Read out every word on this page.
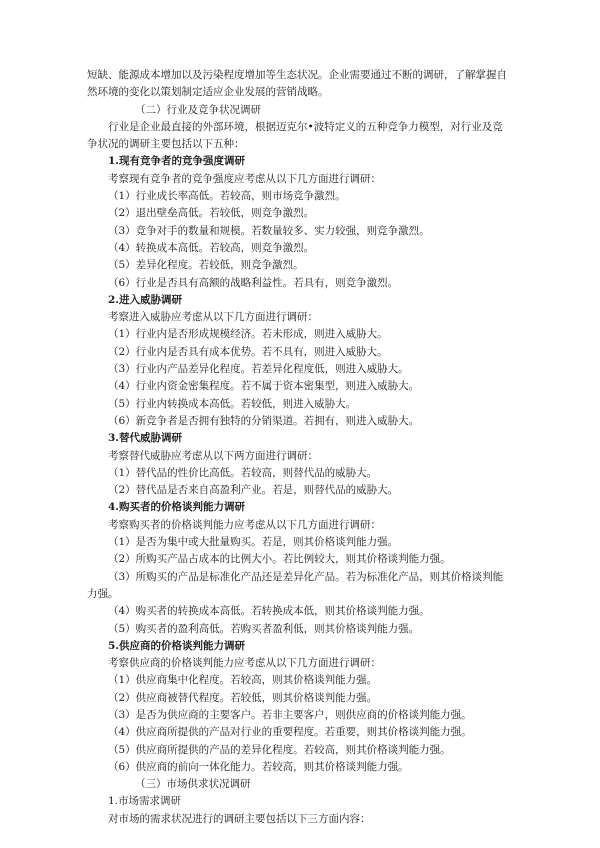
短缺、能源成本增加以及污染程度增加等生态状况。企业需要通过不断的调研，了解掌握自

然环境的变化以策划制定适应企业发展的营销战略。

（二）行业及竞争状况调研

行业是企业最直接的外部环境，根据迈克尔•波特定义的五种竞争力模型，对行业及竞

争状况的调研主要包括以下五种：

1.现有竞争者的竞争强度调研

考察现有竞争者的竞争强度应考虑从以下几方面进行调研：

（1）行业成长率高低。若较高，则市场竞争激烈。

（2）退出壁垒高低。若较低，则竞争激烈。

（3）竞争对手的数量和规模。若数量较多、实力较强，则竞争激烈。

（4）转换成本高低。若较高，则竞争激烈。

（5）差异化程度。若较低，则竞争激烈。

（6）行业是否具有高额的战略利益性。若具有，则竞争激烈。

2.进入威胁调研

考察进入威胁应考虑从以下几方面进行调研：

（1）行业内是否形成规模经济。若未形成，则进入威胁大。

（2）行业内是否具有成本优势。若不具有，则进入威胁大。

（3）行业内产品差异化程度。若差异化程度低，则进入威胁大。

（4）行业内资金密集程度。若不属于资本密集型，则进入威胁大。

（5）行业内转换成本高低。若较低，则进入威胁大。

（6）新竞争者是否拥有独特的分销渠道。若拥有，则进入威胁大。

3.替代威胁调研

考察替代威胁应考虑从以下两方面进行调研：

（1）替代品的性价比高低。若较高，则替代品的威胁大。

（2）替代品是否来自高盈利产业。若是，则替代品的威胁大。

4.购买者的价格谈判能力调研

考察购买者的价格谈判能力应考虑从以下几方面进行调研：

（1）是否为集中或大批量购买。若是，则其价格谈判能力强。

（2）所购买产品占成本的比例大小。若比例较大，则其价格谈判能力强。

（3）所购买的产品是标准化产品还是差异化产品。若为标准化产品，则其价格谈判能

力强。

（4）购买者的转换成本高低。若转换成本低，则其价格谈判能力强。

（5）购买者的盈利高低。若购买者盈利低，则其价格谈判能力强。

5.供应商的价格谈判能力调研

考察供应商的价格谈判能力应考虑从以下几方面进行调研：

（1）供应商集中化程度。若较高，则其价格谈判能力强。

（2）供应商被替代程度。若较低，则其价格谈判能力强。

（3）是否为供应商的主要客户。若非主要客户，则供应商的价格谈判能力强。

（4）供应商所提供的产品对行业的重要程度。若重要，则其价格谈判能力强。

（5）供应商所提供的产品的差异化程度。若较高，则其价格谈判能力强。

（6）供应商的前向一体化能力。若较高，则其价格谈判能力强。

（三）市场供求状况调研

1.市场需求调研

对市场的需求状况进行的调研主要包括以下三方面内容：
